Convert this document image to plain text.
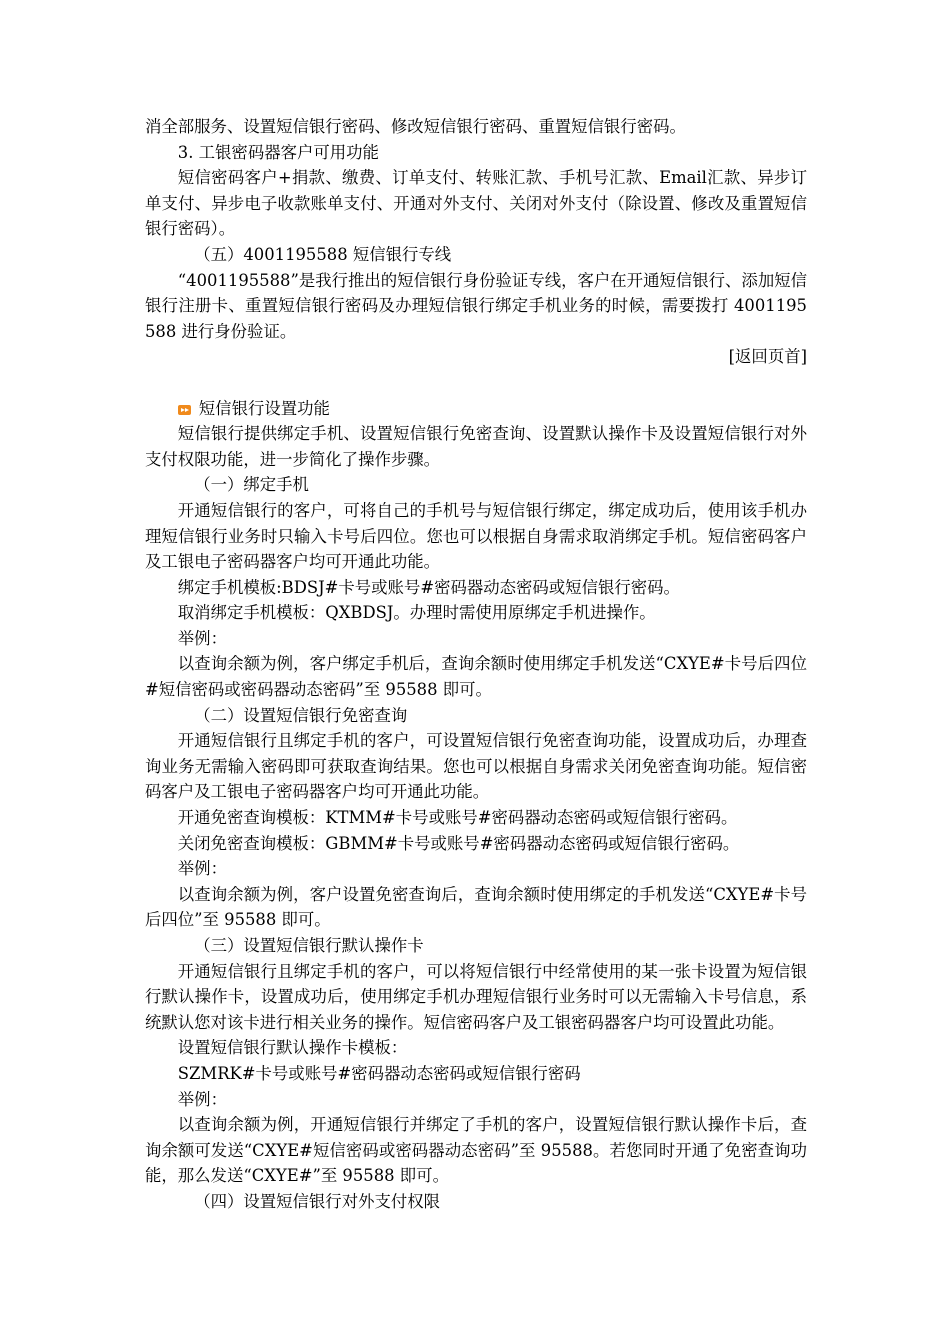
消全部服务、设置短信银行密码、修改短信银行密码、重置短信银行密码。

3. 工银密码器客户可用功能

短信密码客户+捐款、缴费、订单支付、转账汇款、手机号汇款、Email汇款、异步订单支付、异步电子收款账单支付、开通对外支付、关闭对外支付（除设置、修改及重置短信银行密码）。

（五）4001195588 短信银行专线

“4001195588”是我行推出的短信银行身份验证专线，客户在开通短信银行、添加短信银行注册卡、重置短信银行密码及办理短信银行绑定手机业务的时候，需要拨打 4001195588 进行身份验证。

[返回页首]

短信银行设置功能

短信银行提供绑定手机、设置短信银行免密查询、设置默认操作卡及设置短信银行对外支付权限功能，进一步简化了操作步骤。

（一）绑定手机

开通短信银行的客户，可将自己的手机号与短信银行绑定，绑定成功后，使用该手机办理短信银行业务时只输入卡号后四位。您也可以根据自身需求取消绑定手机。短信密码客户及工银电子密码器客户均可开通此功能。

绑定手机模板:BDSJ#卡号或账号#密码器动态密码或短信银行密码。

取消绑定手机模板：QXBDSJ。办理时需使用原绑定手机进操作。

举例：

以查询余额为例，客户绑定手机后，查询余额时使用绑定手机发送“CXYE#卡号后四位#短信密码或密码器动态密码”至 95588 即可。

（二）设置短信银行免密查询

开通短信银行且绑定手机的客户，可设置短信银行免密查询功能，设置成功后，办理查询业务无需输入密码即可获取查询结果。您也可以根据自身需求关闭免密查询功能。短信密码客户及工银电子密码器客户均可开通此功能。

开通免密查询模板：KTMM#卡号或账号#密码器动态密码或短信银行密码。

关闭免密查询模板：GBMM#卡号或账号#密码器动态密码或短信银行密码。

举例：

以查询余额为例，客户设置免密查询后，查询余额时使用绑定的手机发送“CXYE#卡号后四位”至 95588 即可。

（三）设置短信银行默认操作卡

开通短信银行且绑定手机的客户，可以将短信银行中经常使用的某一张卡设置为短信银行默认操作卡，设置成功后，使用绑定手机办理短信银行业务时可以无需输入卡号信息，系统默认您对该卡进行相关业务的操作。短信密码客户及工银密码器客户均可设置此功能。

设置短信银行默认操作卡模板：

SZMRK#卡号或账号#密码器动态密码或短信银行密码

举例：

以查询余额为例，开通短信银行并绑定了手机的客户，设置短信银行默认操作卡后，查询余额可发送“CXYE#短信密码或密码器动态密码”至 95588。若您同时开通了免密查询功能，那么发送“CXYE#”至 95588 即可。

（四）设置短信银行对外支付权限
